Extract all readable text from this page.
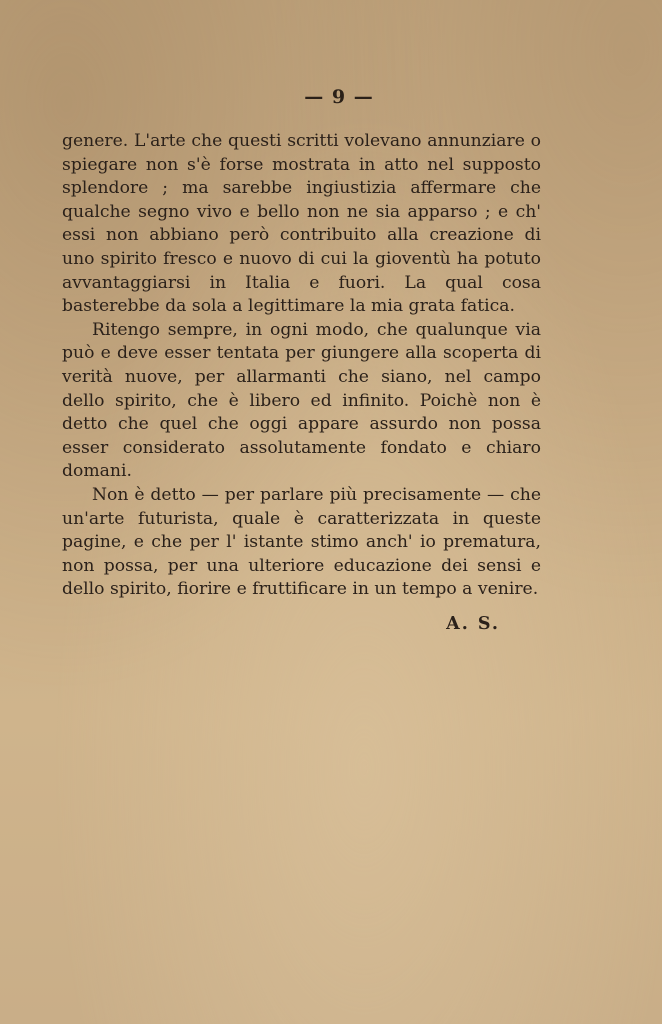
— 9 —

genere. L'arte che questi scritti volevano annunziare o spiegare non s'è forse mostrata in atto nel supposto splendore ; ma sarebbe ingiustizia affermare che qualche segno vivo e bello non ne sia apparso ; e ch' essi non abbiano però contribuito alla creazione di uno spirito fresco e nuovo di cui la gioventù ha potuto avvantaggiarsi in Italia e fuori. La qual cosa basterebbe da sola a legittimare la mia grata fatica.

Ritengo sempre, in ogni modo, che qualunque via può e deve esser tentata per giungere alla scoperta di verità nuove, per allarmanti che siano, nel campo dello spirito, che è libero ed infinito. Poichè non è detto che quel che oggi appare assurdo non possa esser considerato assolutamente fondato e chiaro domani.

Non è detto — per parlare più precisamente — che un'arte futurista, quale è caratterizzata in queste pagine, e che per l' istante stimo anch' io prematura, non possa, per una ulteriore educazione dei sensi e dello spirito, fiorire e fruttificare in un tempo a venire.

A. S.
